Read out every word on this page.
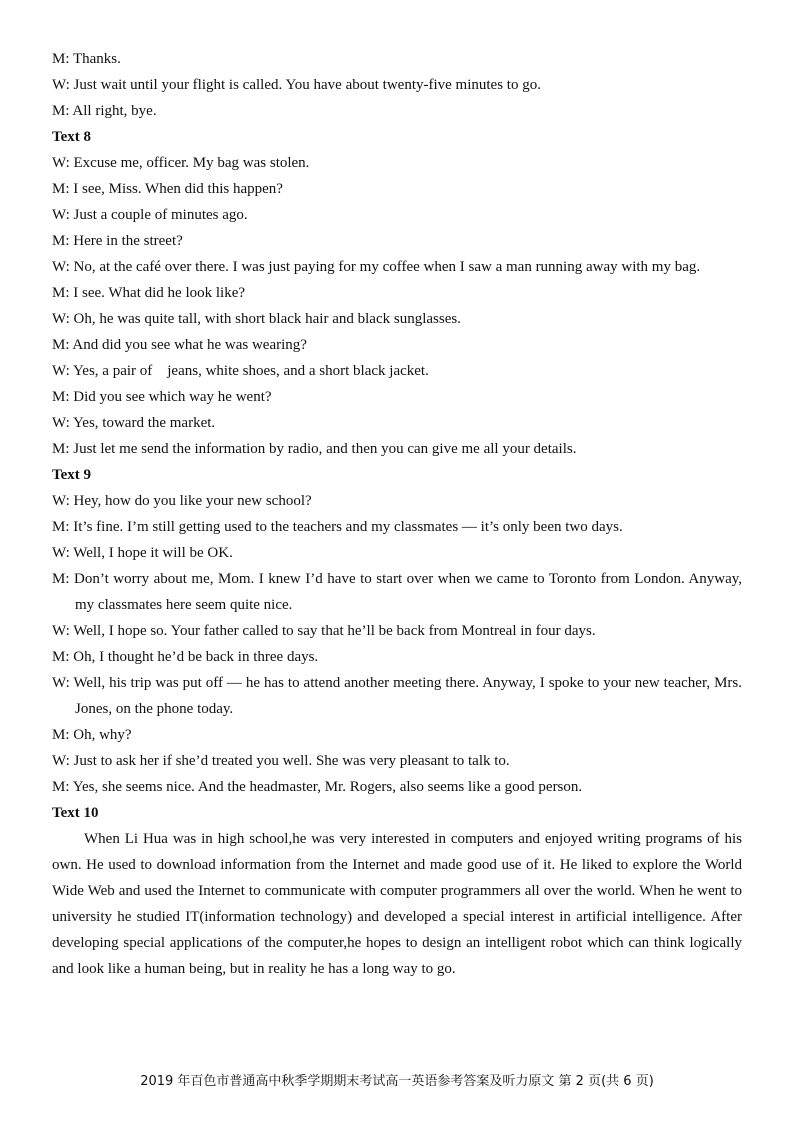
M: Thanks.
W: Just wait until your flight is called. You have about twenty-five minutes to go.
M: All right, bye.
Text 8
W: Excuse me, officer. My bag was stolen.
M: I see, Miss. When did this happen?
W: Just a couple of minutes ago.
M: Here in the street?
W: No, at the café over there. I was just paying for my coffee when I saw a man running away with my bag.
M: I see. What did he look like?
W: Oh, he was quite tall, with short black hair and black sunglasses.
M: And did you see what he was wearing?
W: Yes, a pair of    jeans, white shoes, and a short black jacket.
M: Did you see which way he went?
W: Yes, toward the market.
M: Just let me send the information by radio, and then you can give me all your details.
Text 9
W: Hey, how do you like your new school?
M: It’s fine. I’m still getting used to the teachers and my classmates — it’s only been two days.
W: Well, I hope it will be OK.
M: Don’t worry about me, Mom. I knew I’d have to start over when we came to Toronto from London. Anyway, my classmates here seem quite nice.
W: Well, I hope so. Your father called to say that he’ll be back from Montreal in four days.
M: Oh, I thought he’d be back in three days.
W: Well, his trip was put off — he has to attend another meeting there. Anyway, I spoke to your new teacher, Mrs. Jones, on the phone today.
M: Oh, why?
W: Just to ask her if she’d treated you well. She was very pleasant to talk to.
M: Yes, she seems nice. And the headmaster, Mr. Rogers, also seems like a good person.
Text 10
When Li Hua was in high school,he was very interested in computers and enjoyed writing programs of his own. He used to download information from the Internet and made good use of it. He liked to explore the World Wide Web and used the Internet to communicate with computer programmers all over the world. When he went to university he studied IT(information technology) and developed a special interest in artificial intelligence. After developing special applications of the computer,he hopes to design an intelligent robot which can think logically and look like a human being, but in reality he has a long way to go.
2019 年百色市普通高中秋季学期期末考试高一英语参考答案及听力原文 第 2 页(共 6 页)
